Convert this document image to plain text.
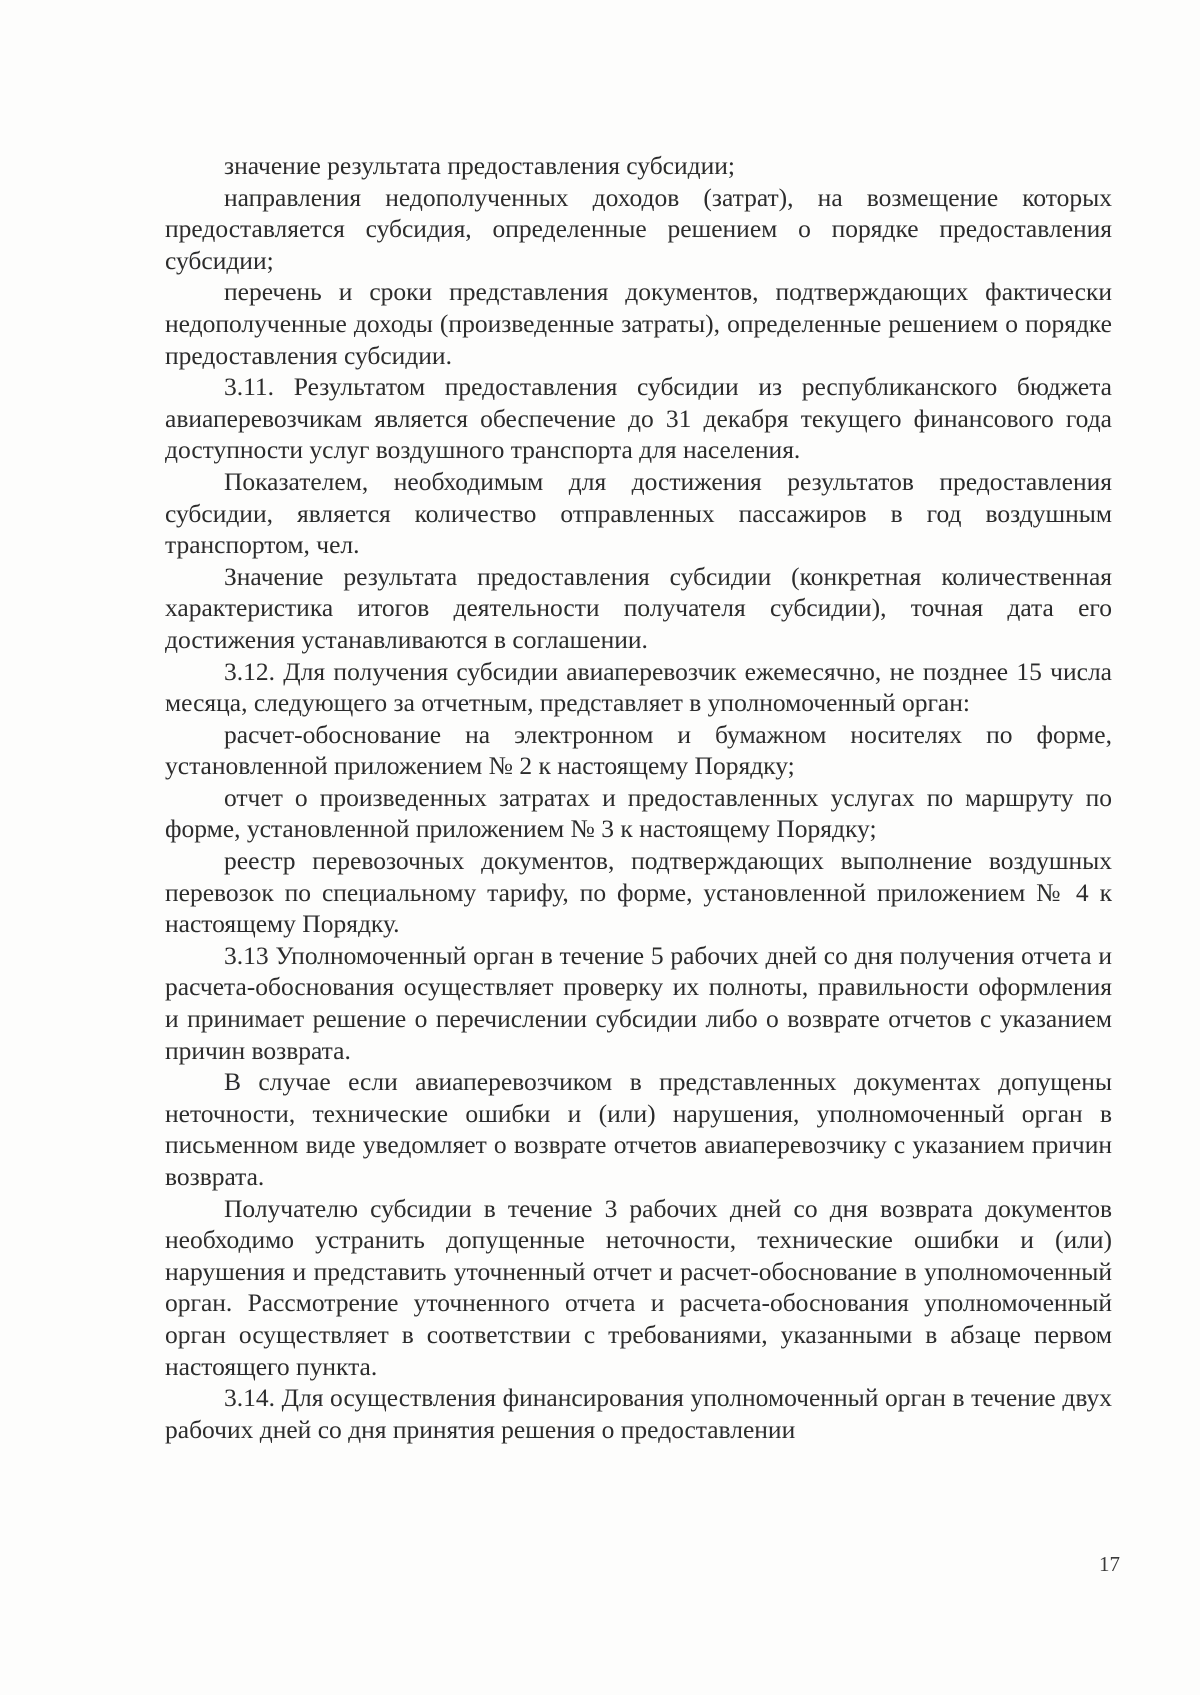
значение результата предоставления субсидии;

направления недополученных доходов (затрат), на возмещение которых предоставляется субсидия, определенные решением о порядке предоставления субсидии;

перечень и сроки представления документов, подтверждающих фактически недополученные доходы (произведенные затраты), определенные решением о порядке предоставления субсидии.

3.11. Результатом предоставления субсидии из республиканского бюджета авиаперевозчикам является обеспечение до 31 декабря текущего финансового года доступности услуг воздушного транспорта для населения.

Показателем, необходимым для достижения результатов предоставления субсидии, является количество отправленных пассажиров в год воздушным транспортом, чел.

Значение результата предоставления субсидии (конкретная количественная характеристика итогов деятельности получателя субсидии), точная дата его достижения устанавливаются в соглашении.

3.12. Для получения субсидии авиаперевозчик ежемесячно, не позднее 15 числа месяца, следующего за отчетным, представляет в уполномоченный орган:

расчет-обоснование на электронном и бумажном носителях по форме, установленной приложением № 2 к настоящему Порядку;

отчет о произведенных затратах и предоставленных услугах по маршруту по форме, установленной приложением № 3 к настоящему Порядку;

реестр перевозочных документов, подтверждающих выполнение воздушных перевозок по специальному тарифу, по форме, установленной приложением № 4 к настоящему Порядку.

3.13 Уполномоченный орган в течение 5 рабочих дней со дня получения отчета и расчета-обоснования осуществляет проверку их полноты, правильности оформления и принимает решение о перечислении субсидии либо о возврате отчетов с указанием причин возврата.

В случае если авиаперевозчиком в представленных документах допущены неточности, технические ошибки и (или) нарушения, уполномоченный орган в письменном виде уведомляет о возврате отчетов авиаперевозчику с указанием причин возврата.

Получателю субсидии в течение 3 рабочих дней со дня возврата документов необходимо устранить допущенные неточности, технические ошибки и (или) нарушения и представить уточненный отчет и расчет-обоснование в уполномоченный орган. Рассмотрение уточненного отчета и расчета-обоснования уполномоченный орган осуществляет в соответствии с требованиями, указанными в абзаце первом настоящего пункта.

3.14. Для осуществления финансирования уполномоченный орган в течение двух рабочих дней со дня принятия решения о предоставлении

17
